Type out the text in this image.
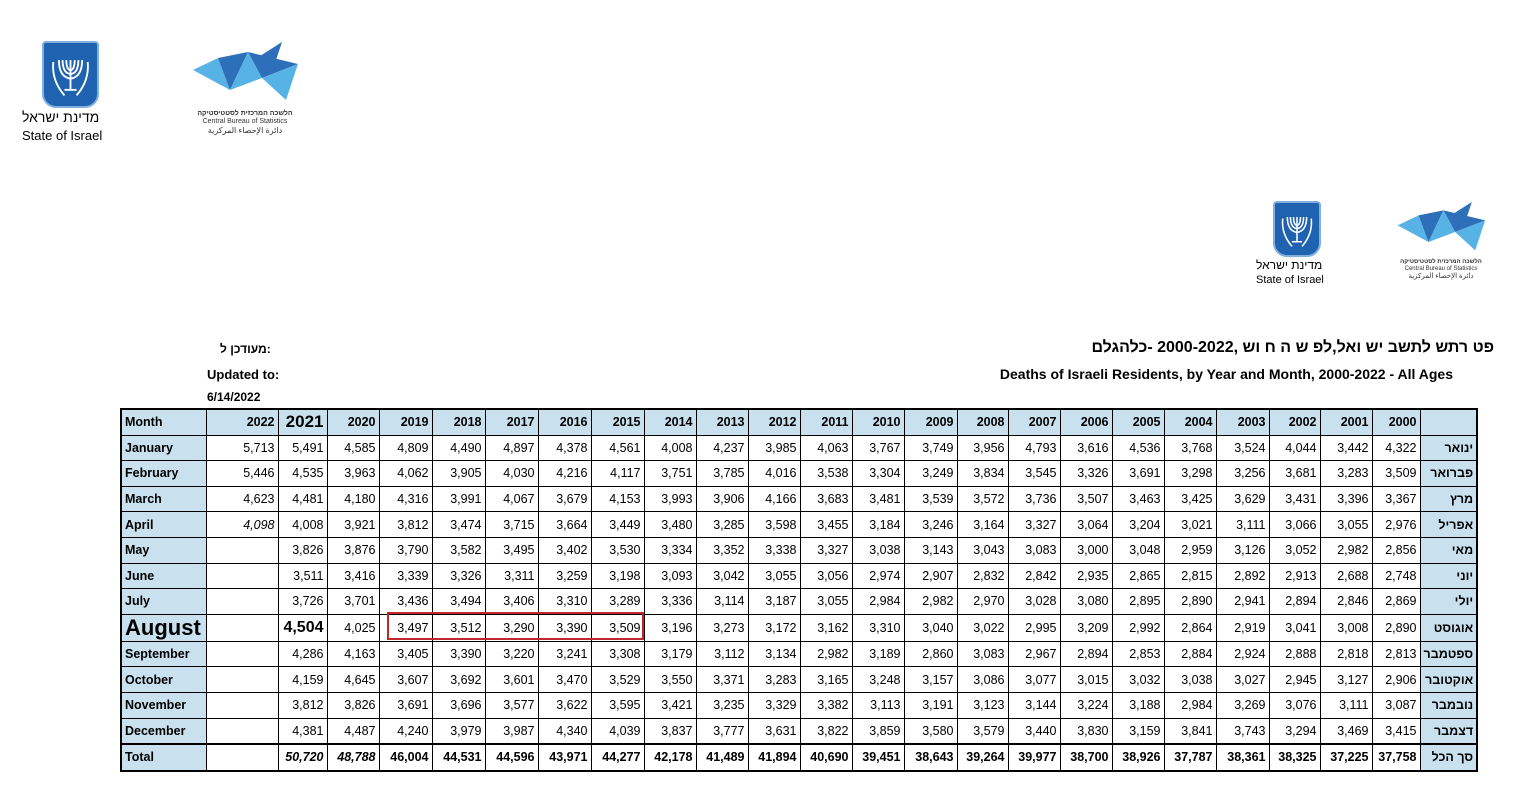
מדינת ישראל
State of Israel
הלשכה המרכזית לסטטיסטיקה
Central Bureau of Statistics
دائرة الإحصاء المركزية
מדינת ישראל
State of Israel
הלשכה המרכזית לסטטיסטיקה
Central Bureau of Statistics
دائرة الإحصاء المركزية
מעודכן ל:
Updated to:
6/14/2022
פט רתש לתשב יש ואל,לפ ש ה ח וש ,2000-2022 -כלהגלם
Deaths of Israeli Residents, by Year and Month, 2000-2022 - All Ages
Month	2022	2021	2020	2019	2018	2017	2016	2015	2014	2013	2012	2011	2010	2009	2008	2007	2006	2005	2004	2003	2002	2001	2000	
January	5,713	5,491	4,585	4,809	4,490	4,897	4,378	4,561	4,008	4,237	3,985	4,063	3,767	3,749	3,956	4,793	3,616	4,536	3,768	3,524	4,044	3,442	4,322	ינואר
February	5,446	4,535	3,963	4,062	3,905	4,030	4,216	4,117	3,751	3,785	4,016	3,538	3,304	3,249	3,834	3,545	3,326	3,691	3,298	3,256	3,681	3,283	3,509	פברואר
March	4,623	4,481	4,180	4,316	3,991	4,067	3,679	4,153	3,993	3,906	4,166	3,683	3,481	3,539	3,572	3,736	3,507	3,463	3,425	3,629	3,431	3,396	3,367	מרץ
April	4,098	4,008	3,921	3,812	3,474	3,715	3,664	3,449	3,480	3,285	3,598	3,455	3,184	3,246	3,164	3,327	3,064	3,204	3,021	3,111	3,066	3,055	2,976	אפריל
May		3,826	3,876	3,790	3,582	3,495	3,402	3,530	3,334	3,352	3,338	3,327	3,038	3,143	3,043	3,083	3,000	3,048	2,959	3,126	3,052	2,982	2,856	מאי
June		3,511	3,416	3,339	3,326	3,311	3,259	3,198	3,093	3,042	3,055	3,056	2,974	2,907	2,832	2,842	2,935	2,865	2,815	2,892	2,913	2,688	2,748	יוני
July		3,726	3,701	3,436	3,494	3,406	3,310	3,289	3,336	3,114	3,187	3,055	2,984	2,982	2,970	3,028	3,080	2,895	2,890	2,941	2,894	2,846	2,869	יולי
August		4,504	4,025	3,497	3,512	3,290	3,390	3,509	3,196	3,273	3,172	3,162	3,310	3,040	3,022	2,995	3,209	2,992	2,864	2,919	3,041	3,008	2,890	אוגוסט
September		4,286	4,163	3,405	3,390	3,220	3,241	3,308	3,179	3,112	3,134	2,982	3,189	2,860	3,083	2,967	2,894	2,853	2,884	2,924	2,888	2,818	2,813	ספטמבר
October		4,159	4,645	3,607	3,692	3,601	3,470	3,529	3,550	3,371	3,283	3,165	3,248	3,157	3,086	3,077	3,015	3,032	3,038	3,027	2,945	3,127	2,906	אוקטובר
November		3,812	3,826	3,691	3,696	3,577	3,622	3,595	3,421	3,235	3,329	3,382	3,113	3,191	3,123	3,144	3,224	3,188	2,984	3,269	3,076	3,111	3,087	נובמבר
December		4,381	4,487	4,240	3,979	3,987	4,340	4,039	3,837	3,777	3,631	3,822	3,859	3,580	3,579	3,440	3,830	3,159	3,841	3,743	3,294	3,469	3,415	דצמבר
Total		50,720	48,788	46,004	44,531	44,596	43,971	44,277	42,178	41,489	41,894	40,690	39,451	38,643	39,264	39,977	38,700	38,926	37,787	38,361	38,325	37,225	37,758	סך הכל
